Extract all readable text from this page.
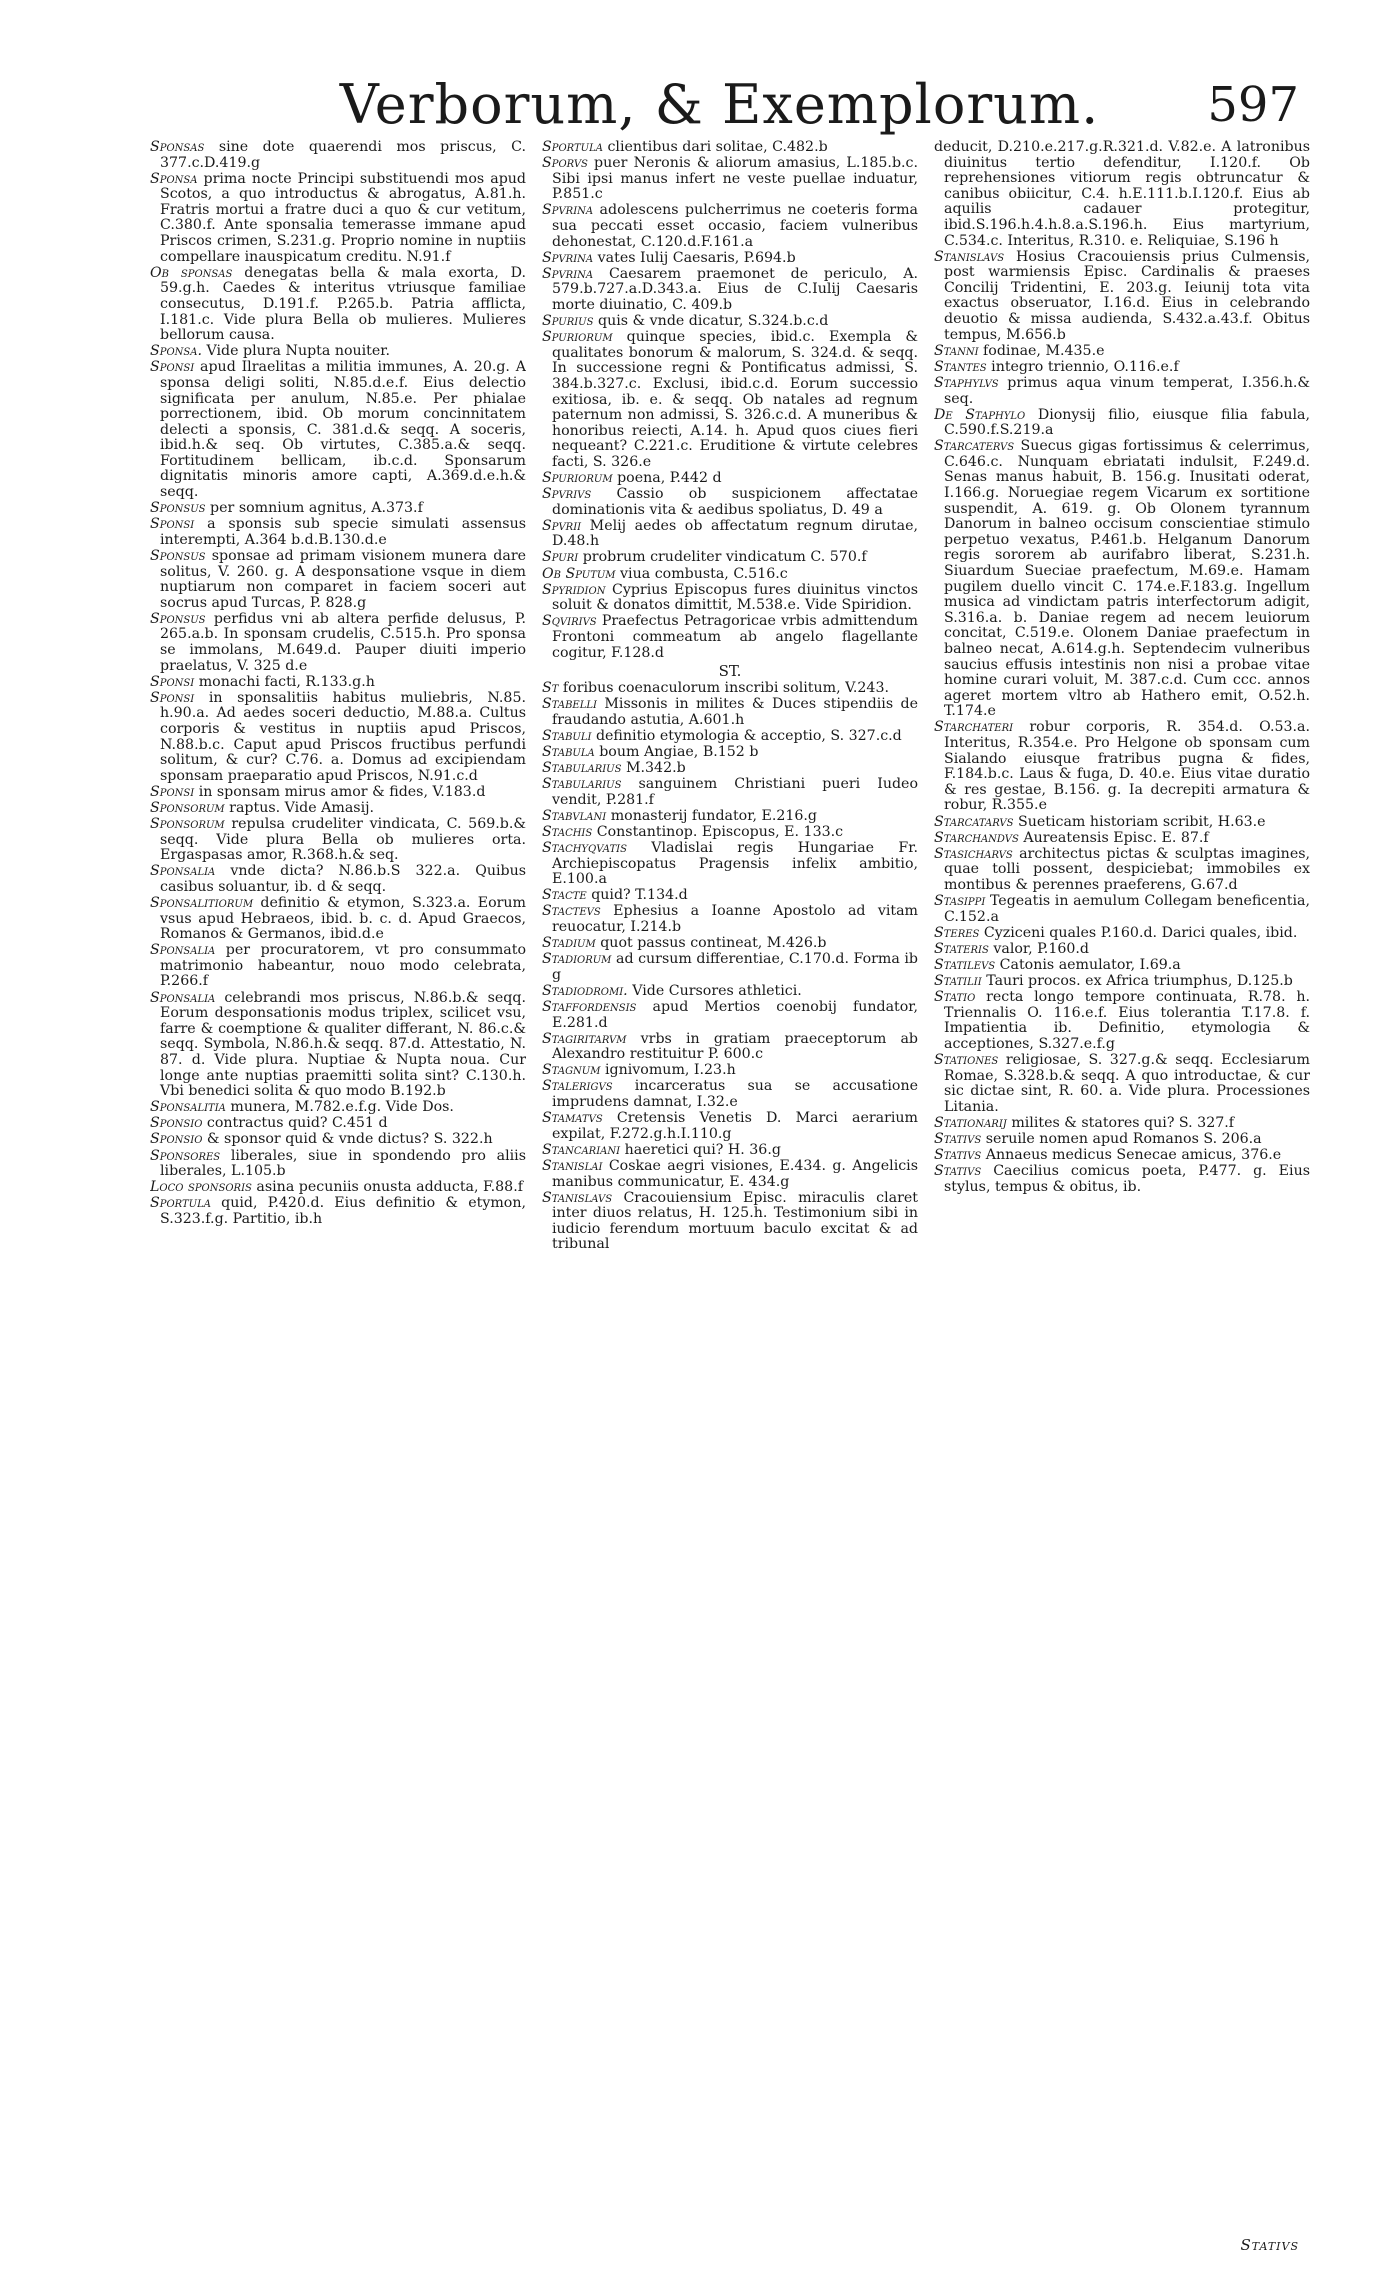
Verborum, & Exemplorum.	597

Sponsas sine dote quaerendi mos priscus, C. 377.c.D.419.g

Sponsa prima nocte Principi substituendi mos apud Scotos, a quo introductus & abrogatus, A.81.h. Fratris mortui a fratre duci a quo & cur vetitum, C.380.f. Ante sponsalia temerasse immane apud Priscos crimen, S.231.g. Proprio nomine in nuptiis compellare inauspicatum creditu. N.91.f

Ob sponsas denegatas bella & mala exorta, D. 59.g.h. Caedes & interitus vtriusque familiae consecutus, D.191.f. P.265.b. Patria afflicta, I.181.c. Vide plura Bella ob mulieres. Mulieres bellorum causa.

Sponsa. Vide plura Nupta nouiter.

Sponsi apud Ilraelitas a militia immunes, A. 20.g. A sponsa deligi soliti, N.85.d.e.f. Eius delectio significata per anulum, N.85.e. Per phialae porrectionem, ibid. Ob morum concinnitatem delecti a sponsis, C. 381.d.& seqq. A soceris, ibid.h.& seq. Ob virtutes, C.385.a.& seqq. Fortitudinem bellicam, ib.c.d. Sponsarum dignitatis minoris amore capti, A.369.d.e.h.& seqq.

Sponsus per somnium agnitus, A.373.f

Sponsi a sponsis sub specie simulati assensus interempti, A.364 b.d.B.130.d.e

Sponsus sponsae ad primam visionem munera dare solitus, V. 260. g. A desponsatione vsque in diem nuptiarum non comparet in faciem soceri aut socrus apud Turcas, P. 828.g

Sponsus perfidus vni ab altera perfide delusus, P. 265.a.b. In sponsam crudelis, C.515.h. Pro sponsa se immolans, M.649.d. Pauper diuiti imperio praelatus, V. 325 d.e

Sponsi monachi facti, R.133.g.h

Sponsi in sponsalitiis habitus muliebris, N.85. h.90.a. Ad aedes soceri deductio, M.88.a. Cultus corporis & vestitus in nuptiis apud Priscos, N.88.b.c. Caput apud Priscos fructibus perfundi solitum, & cur? C.76. a. Domus ad excipiendam sponsam praeparatio apud Priscos, N.91.c.d

Sponsi in sponsam mirus amor & fides, V.183.d

Sponsorum raptus. Vide Amasij.

Sponsorum repulsa crudeliter vindicata, C. 569.b.& seqq. Vide plura Bella ob mulieres orta. Ergaspasas amor, R.368.h.& seq.

Sponsalia vnde dicta? N.86.b.S 322.a. Quibus casibus soluantur, ib. d & seqq.

Sponsalitiorum definitio & etymon, S.323.a. Eorum vsus apud Hebraeos, ibid. b. c. d. Apud Graecos, Romanos & Germanos, ibid.d.e

Sponsalia per procuratorem, vt pro consummato matrimonio habeantur, nouo modo celebrata, P.266.f

Sponsalia celebrandi mos priscus, N.86.b.& seqq. Eorum desponsationis modus triplex, scilicet vsu, farre & coemptione & qualiter differant, N. 86.c.& seqq. Symbola, N.86.h.& seqq. 87.d. Attestatio, N. 87. d. Vide plura. Nuptiae & Nupta noua. Cur longe ante nuptias praemitti solita sint? C.130.h. Vbi benedici solita & quo modo B.192.b

Sponsalitia munera, M.782.e.f.g. Vide Dos.

Sponsio contractus quid? C.451 d

Sponsio & sponsor quid & vnde dictus? S. 322.h

Sponsores liberales, siue in spondendo pro aliis liberales, L.105.b

Loco sponsoris asina pecuniis onusta adducta, F.88.f

Sportula quid, P.420.d. Eius definitio & etymon, S.323.f.g. Partitio, ib.h

Sportula clientibus dari solitae, C.482.b

Sporvs puer Neronis & aliorum amasius, L.185.b.c. Sibi ipsi manus infert ne veste puellae induatur, P.851.c

Spvrina adolescens pulcherrimus ne coeteris forma sua peccati esset occasio, faciem vulneribus dehonestat, C.120.d.F.161.a

Spvrina vates Iulij Caesaris, P.694.b

Spvrina Caesarem praemonet de periculo, A. 579.b.727.a.D.343.a. Eius de C.Iulij Caesaris morte diuinatio, C. 409.b

Spurius quis & vnde dicatur, S.324.b.c.d

Spuriorum quinque species, ibid.c. Exempla & qualitates bonorum & malorum, S. 324.d. & seqq. In successione regni & Pontificatus admissi, S. 384.b.327.c. Exclusi, ibid.c.d. Eorum successio exitiosa, ib. e. & seqq. Ob natales ad regnum paternum non admissi, S. 326.c.d. A muneribus & honoribus reiecti, A.14. h. Apud quos ciues fieri nequeant? C.221.c. Eruditione & virtute celebres facti, S. 326.e

Spuriorum poena, P.442 d

Spvrivs Cassio ob suspicionem affectatae dominationis vita & aedibus spoliatus, D. 49 a

Spvrii Melij aedes ob affectatum regnum dirutae, D.48.h

Spuri probrum crudeliter vindicatum C. 570.f

Ob Sputum viua combusta, C.516.c

Spyridion Cyprius Episcopus fures diuinitus vinctos soluit & donatos dimittit, M.538.e. Vide Spiridion.

Sqvirivs Praefectus Petragoricae vrbis admittendum Frontoni commeatum ab angelo flagellante cogitur, F.128.d

ST.

St foribus coenaculorum inscribi solitum, V.243.

Stabelli Missonis in milites & Duces stipendiis de fraudando astutia, A.601.h

Stabuli definitio etymologia & acceptio, S. 327.c.d

Stabula boum Angiae, B.152 b

Stabularius M.342.b

Stabularius sanguinem Christiani pueri Iudeo vendit, P.281.f

Stabvlani monasterij fundator, E.216.g

Stachis Constantinop. Episcopus, E. 133.c

Stachyqvatis Vladislai regis Hungariae Fr. Archiepiscopatus Pragensis infelix ambitio, E.100.a

Stacte quid? T.134.d

Stactevs Ephesius a Ioanne Apostolo ad vitam reuocatur, I.214.b

Stadium quot passus contineat, M.426.b

Stadiorum ad cursum differentiae, C.170.d. Forma ib g

Stadiodromi. Vide Cursores athletici.

Staffordensis apud Mertios coenobij fundator, E.281.d

Stagiritarvm vrbs in gratiam praeceptorum ab Alexandro restituitur P. 600.c

Stagnum ignivomum, I.23.h

Stalerigvs incarceratus sua se accusatione imprudens damnat, I.32.e

Stamatvs Cretensis Venetis D. Marci aerarium expilat, F.272.g.h.I.110.g

Stancariani haeretici qui? H. 36.g

Stanislai Coskae aegri visiones, E.434. g. Angelicis manibus communicatur, E. 434.g

Stanislavs Cracouiensium Episc. miraculis claret inter diuos relatus, H. 125.h. Testimonium sibi in iudicio ferendum mortuum baculo excitat & ad tribunal

deducit, D.210.e.217.g.R.321.d. V.82.e. A latronibus diuinitus tertio defenditur, I.120.f. Ob reprehensiones vitiorum regis obtruncatur & canibus obiicitur, C.4. h.E.111.b.I.120.f. Eius ab aquilis cadauer protegitur, ibid.S.196.h.4.h.8.a.S.196.h. Eius martyrium, C.534.c. Interitus, R.310. e. Reliquiae, S.196 h

Stanislavs Hosius Cracouiensis prius Culmensis, post warmiensis Episc. Cardinalis & praeses Concilij Tridentini, E. 203.g. Ieiunij tota vita exactus obseruator, I.16.d. Eius in celebrando deuotio & missa audienda, S.432.a.43.f. Obitus tempus, M.656.b

Stanni fodinae, M.435.e

Stantes integro triennio, O.116.e.f

Staphylvs primus aqua vinum temperat, I.356.h.& seq.

De Staphylo Dionysij filio, eiusque filia fabula, C.590.f.S.219.a

Starcatervs Suecus gigas fortissimus & celerrimus, C.646.c. Nunquam ebriatati indulsit, F.249.d. Senas manus habuit, B. 156.g. Inusitati oderat, I.166.g. Noruegiae regem Vicarum ex sortitione suspendit, A. 619. g. Ob Olonem tyrannum Danorum in balneo occisum conscientiae stimulo perpetuo vexatus, P.461.b. Helganum Danorum regis sororem ab aurifabro liberat, S.231.h. Siuardum Sueciae praefectum, M.69.e. Hamam pugilem duello vincit C. 174.e.F.183.g. Ingellum musica ad vindictam patris interfectorum adigit, S.316.a. b. Daniae regem ad necem leuiorum concitat, C.519.e. Olonem Daniae praefectum in balneo necat, A.614.g.h. Septendecim vulneribus saucius effusis intestinis non nisi a probae vitae homine curari voluit, M. 387.c.d. Cum ccc. annos ageret mortem vltro ab Hathero emit, O.52.h. T.174.e

Starchateri robur corporis, R. 354.d. O.53.a. Interitus, R.354.e. Pro Helgone ob sponsam cum Sialando eiusque fratribus pugna & fides, F.184.b.c. Laus & fuga, D. 40.e. Eius vitae duratio & res gestae, B.156. g. Ia decrepiti armatura & robur, R.355.e

Starcatarvs Sueticam historiam scribit, H.63.e

Starchandvs Aureatensis Episc. E. 87.f

Stasicharvs architectus pictas & sculptas imagines, quae tolli possent, despiciebat; immobiles ex montibus & perennes praeferens, G.67.d

Stasippi Tegeatis in aemulum Collegam beneficentia, C.152.a

Steres Cyziceni quales P.160.d. Darici quales, ibid.

Stateris valor, P.160.d

Statilevs Catonis aemulator, I.69.a

Statilii Tauri procos. ex Africa triumphus, D.125.b

Statio recta longo tempore continuata, R.78. h. Triennalis O. 116.e.f. Eius tolerantia T.17.8. f. Impatientia ib. Definitio, etymologia & acceptiones, S.327.e.f.g

Stationes religiosae, S. 327.g.& seqq. Ecclesiarum Romae, S.328.b.& seqq. A quo introductae, & cur sic dictae sint, R. 60. a. Vide plura. Processiones Litania.

Stationarij milites & statores qui? S. 327.f

Stativs seruile nomen apud Romanos S. 206.a

Stativs Annaeus medicus Senecae amicus, 376.e

Stativs Caecilius comicus poeta, P.477. g. Eius stylus, tempus & obitus, ib.

Stativs
